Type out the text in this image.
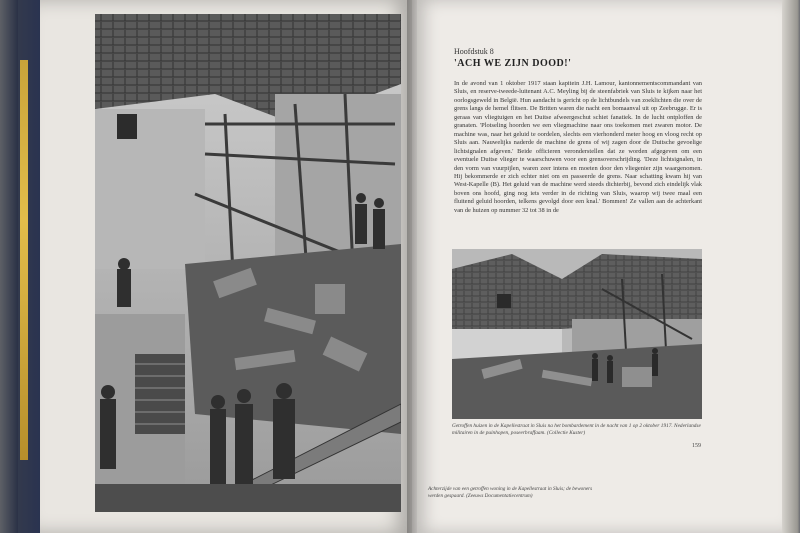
Hoofdstuk 8
'ACH WE ZIJN DOOD!'
In de avond van 1 oktober 1917 staan kapitein J.H. Lamour, kantonnementscommandant van Sluis, en reserve-tweede-luitenant A.C. Meyling bij de steenfabriek van Sluis te kijken naar het oorlogsgeweld in België. Hun aandacht is gericht op de lichtbundels van zoeklichten die over de grens langs de hemel flitsen. De Britten waren die nacht een bomaanval uit op Zeebrugge. Er is geraas van vliegtuigen en het Duitse afweergeschut schiet fanatiek. In de lucht ontploffen de granaten. 'Plotseling hoorden we een vliegmachine naar ons toekomen met zwaren motor. De machine was, naar het geluid te oordelen, slechts een vierhonderd meter hoog en vloog recht op Sluis aan. Nauwelijks naderde de machine de grens of wij zagen door de Duitsche gevoelige lichtsignalen afgeven.' Beide officieren veronderstellen dat ze worden afgegeven om een eventuele Duitse vlieger te waarschuwen voor een grensoverschrijding. 'Deze lichtsignalen, in den vorm van vuurpijlen, waren zeer intens en moeten door den vliegenier zijn waargenomen. Hij bekommerde er zich echter niet om en passeerde de grens. Naar schatting kwam hij van West-Kapelle (B). Het geluid van de machine werd steeds dichterbij, bevond zich eindelijk vlak boven ons hoofd, ging nog iets verder in de richting van Sluis, waarop wij twee maal een fluitend geluid hoorden, telkens gevolgd door een knal.' Bommen! Ze vallen aan de achterkant van de huizen op nummer 32 tot 38 in de
Getroffen huizen in de Kapellestraat in Sluis na het bombardement in de nacht van 1 op 2 oktober 1917. Nederlandse militairen in de puinhopen, poseerbraffaam. (Collectie Kuster)
159
Achterzijde van een getroffen woning in de Kapellestraat in Sluis; de bewoners werden gespaard. (Zeeuws Documentatiecentrum)
